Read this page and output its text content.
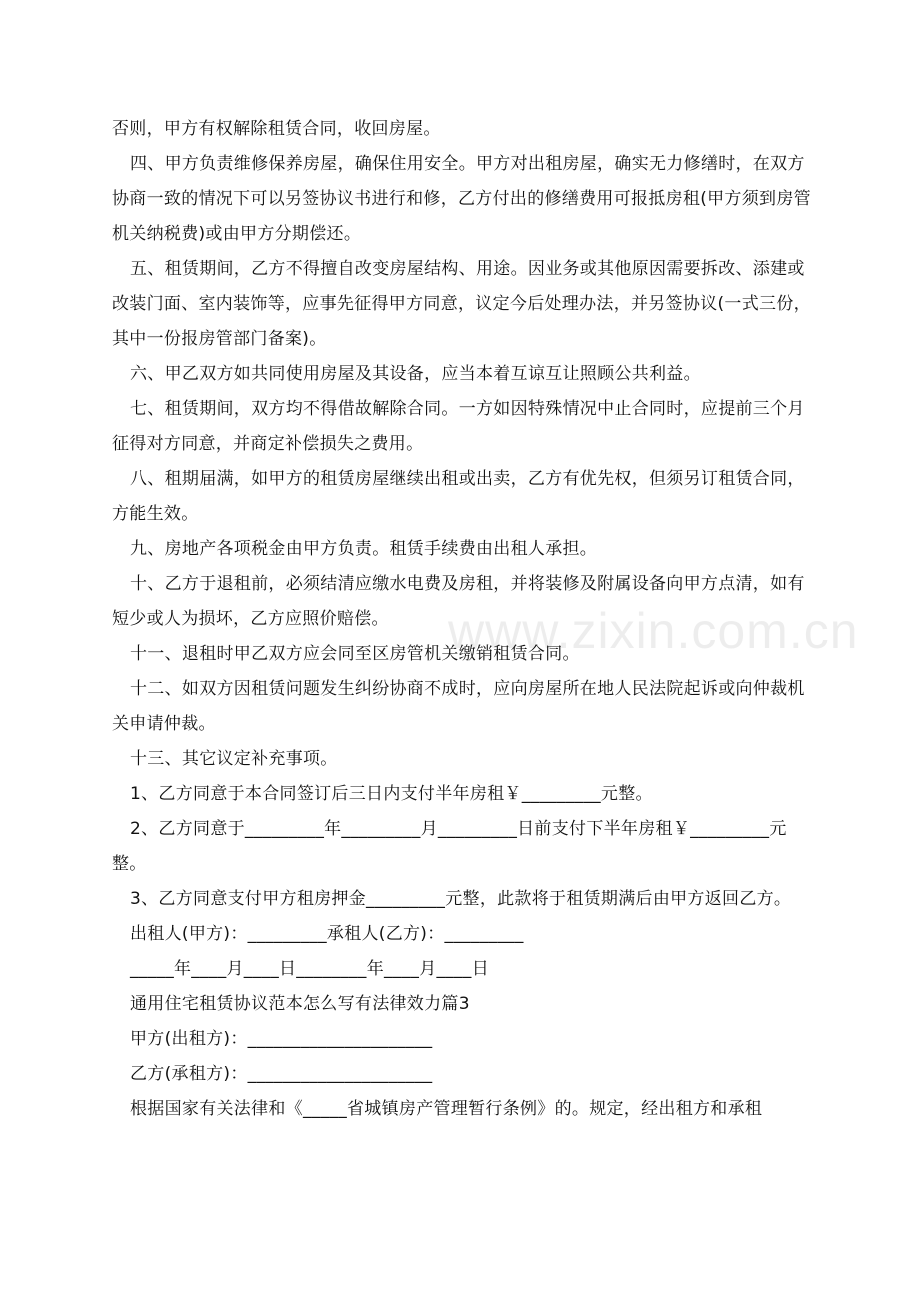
否则，甲方有权解除租赁合同，收回房屋。

四、甲方负责维修保养房屋，确保住用安全。甲方对出租房屋，确实无力修缮时，在双方协商一致的情况下可以另签协议书进行和修，乙方付出的修缮费用可报抵房租(甲方须到房管机关纳税费)或由甲方分期偿还。

五、租赁期间，乙方不得擅自改变房屋结构、用途。因业务或其他原因需要拆改、添建或改装门面、室内装饰等，应事先征得甲方同意，议定今后处理办法，并另签协议(一式三份，其中一份报房管部门备案)。

六、甲乙双方如共同使用房屋及其设备，应当本着互谅互让照顾公共利益。

七、租赁期间，双方均不得借故解除合同。一方如因特殊情况中止合同时，应提前三个月征得对方同意，并商定补偿损失之费用。

八、租期届满，如甲方的租赁房屋继续出租或出卖，乙方有优先权，但须另订租赁合同，方能生效。

九、房地产各项税金由甲方负责。租赁手续费由出租人承担。

十、乙方于退租前，必须结清应缴水电费及房租，并将装修及附属设备向甲方点清，如有短少或人为损坏，乙方应照价赔偿。

十一、退租时甲乙双方应会同至区房管机关缴销租赁合同。

十二、如双方因租赁问题发生纠纷协商不成时，应向房屋所在地人民法院起诉或向仲裁机关申请仲裁。

十三、其它议定补充事项。

1、乙方同意于本合同签订后三日内支付半年房租￥_________元整。

2、乙方同意于_________年_________月_________日前支付下半年房租￥_________元整。

3、乙方同意支付甲方租房押金_________元整，此款将于租赁期满后由甲方返回乙方。

出租人(甲方)：_________承租人(乙方)：_________

_____年____月____日________年____月____日

通用住宅租赁协议范本怎么写有法律效力篇3

甲方(出租方)：_____________________

乙方(承租方)：_____________________

根据国家有关法律和《_____省城镇房产管理暂行条例》的。规定，经出租方和承租

www.zixin.com.cn
